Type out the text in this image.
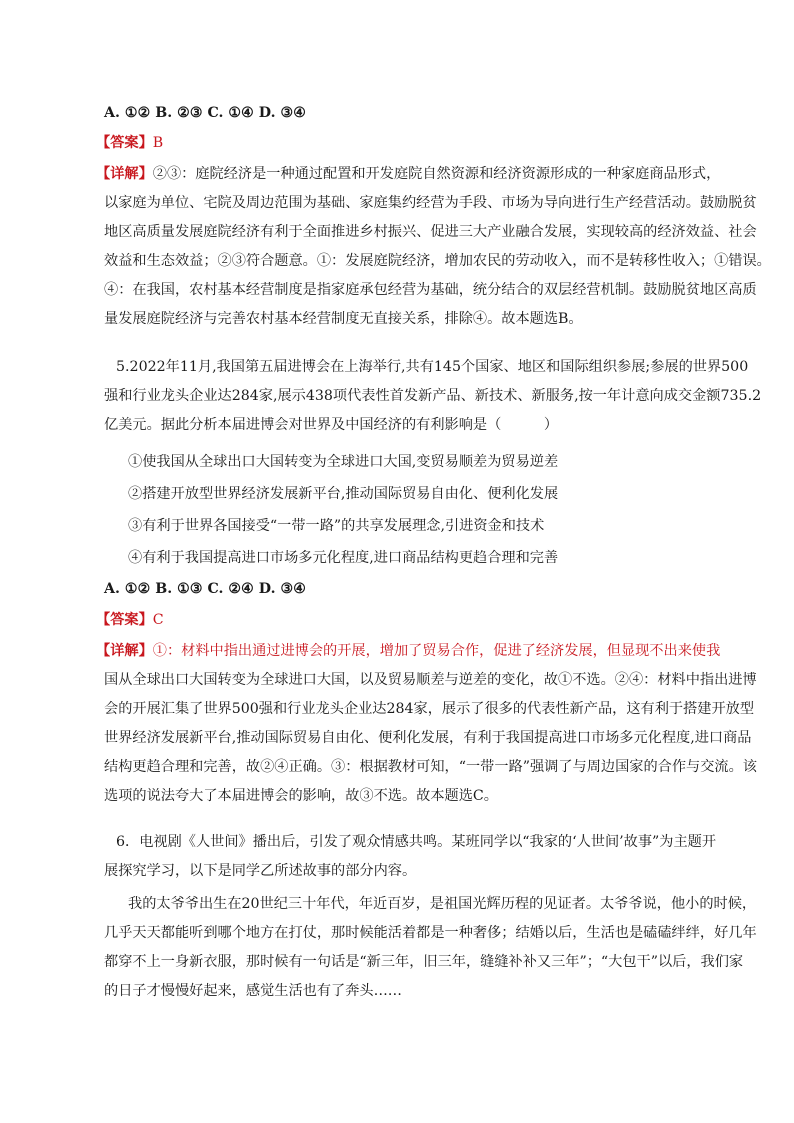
A. ①② B. ②③ C. ①④ D. ③④
【答案】B
【详解】②③：庭院经济是一种通过配置和开发庭院自然资源和经济资源形成的一种家庭商品形式，
以家庭为单位、宅院及周边范围为基础、家庭集约经营为手段、市场为导向进行生产经营活动。鼓励脱贫
地区高质量发展庭院经济有利于全面推进乡村振兴、促进三大产业融合发展，实现较高的经济效益、社会
效益和生态效益；②③符合题意。①：发展庭院经济，增加农民的劳动收入，而不是转移性收入；①错误。
④：在我国，农村基本经营制度是指家庭承包经营为基础，统分结合的双层经营机制。鼓励脱贫地区高质
量发展庭院经济与完善农村基本经营制度无直接关系，排除④。故本题选B。
5.2022年11月,我国第五届进博会在上海举行,共有145个国家、地区和国际组织参展;参展的世界500
强和行业龙头企业达284家,展示438项代表性首发新产品、新技术、新服务,按一年计意向成交金额735.2
亿美元。据此分析本届进博会对世界及中国经济的有利影响是（　　　）
①使我国从全球出口大国转变为全球进口大国,变贸易顺差为贸易逆差
②搭建开放型世界经济发展新平台,推动国际贸易自由化、便利化发展
③有利于世界各国接受“一带一路”的共享发展理念,引进资金和技术
④有利于我国提高进口市场多元化程度,进口商品结构更趋合理和完善
A. ①② B. ①③ C. ②④ D. ③④
【答案】C
【详解】①：材料中指出通过进博会的开展，增加了贸易合作，促进了经济发展，但显现不出来使我
国从全球出口大国转变为全球进口大国，以及贸易顺差与逆差的变化，故①不选。②④：材料中指出进博
会的开展汇集了世界500强和行业龙头企业达284家，展示了很多的代表性新产品，这有利于搭建开放型
世界经济发展新平台,推动国际贸易自由化、便利化发展，有利于我国提高进口市场多元化程度,进口商品
结构更趋合理和完善，故②④正确。③：根据教材可知，“一带一路”强调了与周边国家的合作与交流。该
选项的说法夸大了本届进博会的影响，故③不选。故本题选C。
6．电视剧《人世间》播出后，引发了观众情感共鸣。某班同学以“我家的‘人世间’故事”为主题开
展探究学习，以下是同学乙所述故事的部分内容。
我的太爷爷出生在20世纪三十年代，年近百岁，是祖国光辉历程的见证者。太爷爷说，他小的时候，
几乎天天都能听到哪个地方在打仗，那时候能活着都是一种奢侈；结婚以后，生活也是磕磕绊绊，好几年
都穿不上一身新衣服，那时候有一句话是“新三年，旧三年，缝缝补补又三年”；“大包干”以后，我们家
的日子才慢慢好起来，感觉生活也有了奔头……
